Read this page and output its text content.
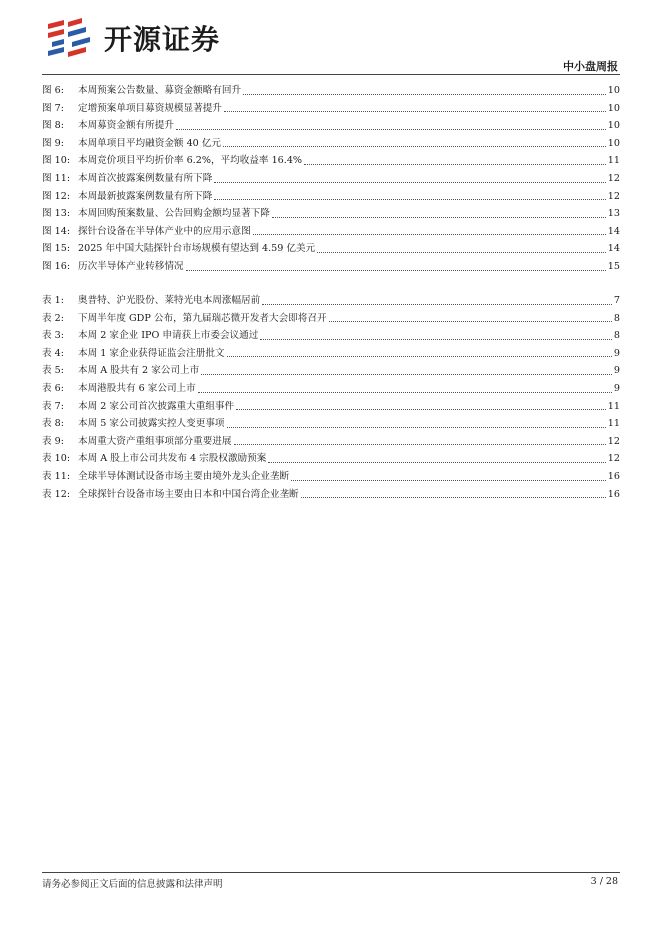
开源证券
中小盘周报
图 6:	本周预案公告数量、募资金额略有回升	10
图 7:	定增预案单项目募资规模显著提升	10
图 8:	本周募资金额有所提升	10
图 9:	本周单项目平均融资金额 40 亿元	10
图 10: 本周竞价项目平均折价率 6.2%，平均收益率 16.4%	11
图 11: 本周首次披露案例数量有所下降	12
图 12: 本周最新披露案例数量有所下降	12
图 13: 本周回购预案数量、公告回购金额均显著下降	13
图 14: 探针台设备在半导体产业中的应用示意图	14
图 15: 2025 年中国大陆探针台市场规模有望达到 4.59 亿美元	14
图 16: 历次半导体产业转移情况	15
表 1:	奥普特、沪光股份、莱特光电本周涨幅居前	7
表 2:	下周半年度 GDP 公布，第九届瑞芯微开发者大会即将召开	8
表 3:	本周 2 家企业 IPO 申请获上市委会议通过	8
表 4:	本周 1 家企业获得证监会注册批文	9
表 5:	本周 A 股共有 2 家公司上市	9
表 6:	本周港股共有 6 家公司上市	9
表 7:	本周 2 家公司首次披露重大重组事件	11
表 8:	本周 5 家公司披露实控人变更事项	11
表 9:	本周重大资产重组事项部分重要进展	12
表 10: 本周 A 股上市公司共发布 4 宗股权激励预案	12
表 11: 全球半导体测试设备市场主要由境外龙头企业垄断	16
表 12: 全球探针台设备市场主要由日本和中国台湾企业垄断	16
请务必参阅正文后面的信息披露和法律声明	3 / 28
